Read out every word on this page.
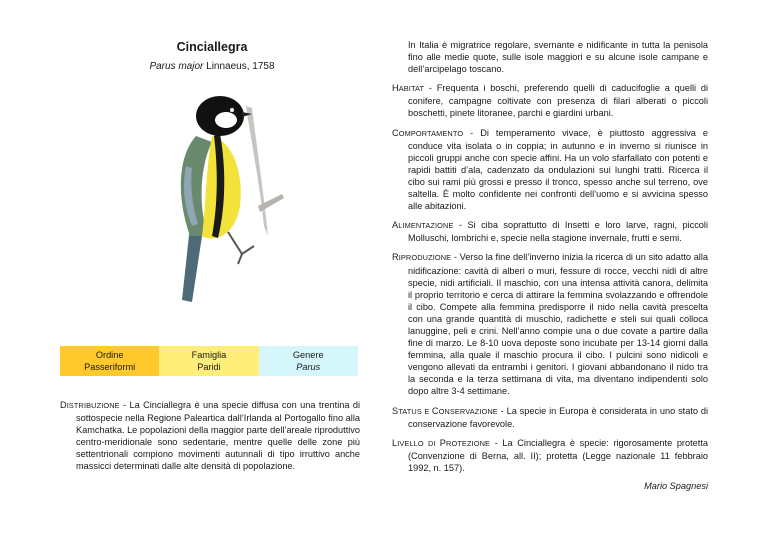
Cinciallegra
Parus major Linnaeus, 1758
Ordine
Passeriformi
Famiglia
Paridi
Genere
Parus

DISTRIBUZIONE - La Cinciallegra è una specie diffusa con una trentina di sottospecie nella Regione Paleartica dall’Irlanda al Portogallo fino alla Kamchatka. Le popolazioni della maggior parte dell’areale riproduttivo centro-meridionale sono sedentarie, mentre quelle delle zone più settentrionali compiono movimenti autunnali di tipo irruttivo anche massicci determinati dalle alte densità di popolazione.

In Italia è migratrice regolare, svernante e nidificante in tutta la penisola fino alle medie quote, sulle isole maggiori e su alcune isole campane e dell’arcipelago toscano.

HABITAT - Frequenta i boschi, preferendo quelli di caducifoglie a quelli di conifere, campagne coltivate con presenza di filari alberati o piccoli boschetti, pinete litoranee, parchi e giardini urbani.

COMPORTAMENTO - Di temperamento vivace, è piuttosto aggressiva e conduce vita isolata o in coppia; in autunno e in inverno si riunisce in piccoli gruppi anche con specie affini. Ha un volo sfarfallato con potenti e rapidi battiti d’ala, cadenzato da ondulazioni sui lunghi tratti. Ricerca il cibo sui rami più grossi e presso il tronco, spesso anche sul terreno, ove saltella. È molto confidente nei confronti dell’uomo e si avvicina spesso alle abitazioni.

ALIMENTAZIONE - Si ciba soprattutto di Insetti e loro larve, ragni, piccoli Molluschi, lombrichi e, specie nella stagione invernale, frutti e semi.

RIPRODUZIONE - Verso la fine dell’inverno inizia la ricerca di un sito adatto alla nidificazione: cavità di alberi o muri, fessure di rocce, vecchi nidi di altre specie, nidi artificiali. Il maschio, con una intensa attività canora, delimita il proprio territorio e cerca di attirare la femmina svolazzando e offrendole il cibo. Compete alla femmina predisporre il nido nella cavità prescelta con una grande quantità di muschio, radichette e steli sui quali colloca lanuggine, peli e crini. Nell’anno compie una o due covate a partire dalla fine di marzo. Le 8-10 uova deposte sono incubate per 13-14 giorni dalla femmina, alla quale il maschio procura il cibo. I pulcini sono nidicoli e vengono allevati da entrambi i genitori. I giovani abbandonano il nido tra la seconda e la terza settimana di vita, ma diventano indipendenti solo dopo altre 3-4 settimane.

STATUS E CONSERVAZIONE - La specie in Europa è considerata in uno stato di conservazione favorevole.

LIVELLO DI PROTEZIONE - La Cinciallegra è specie: rigorosamente protetta (Convenzione di Berna, all. II); protetta (Legge nazionale 11 febbraio 1992, n. 157).

Mario Spagnesi
